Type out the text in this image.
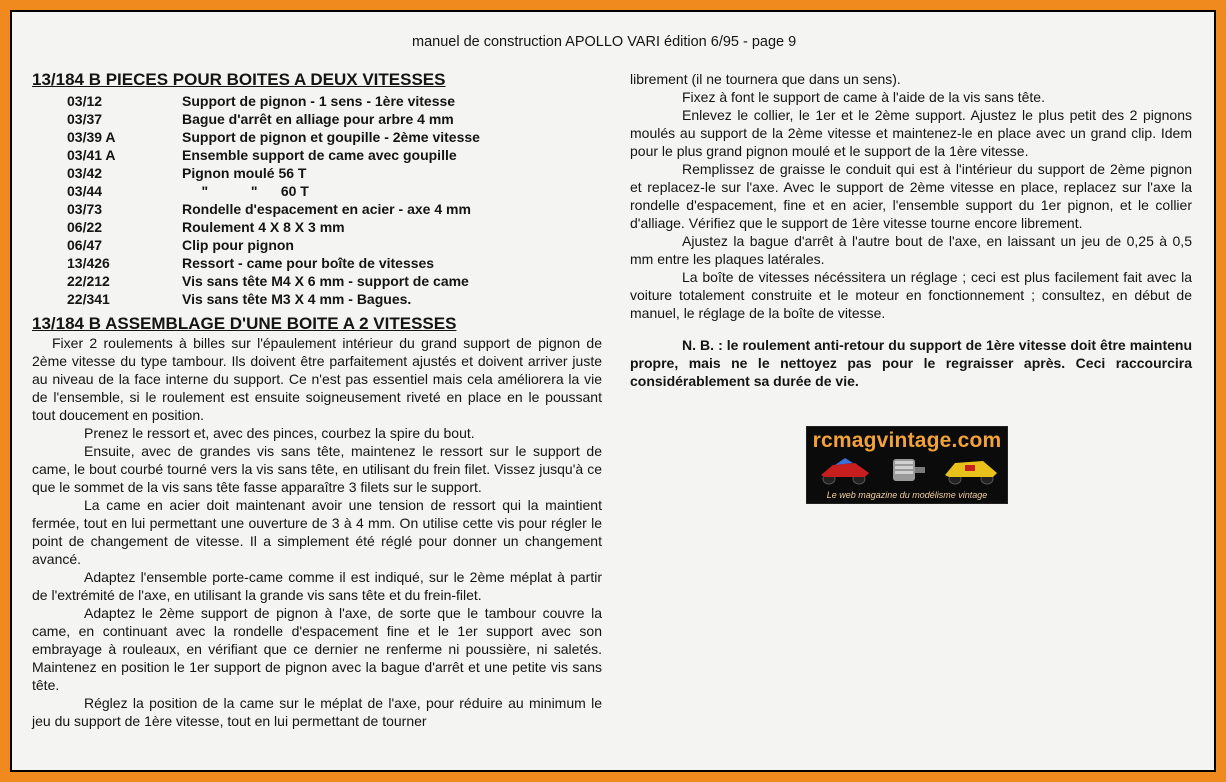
manuel de construction APOLLO VARI édition 6/95 - page 9
13/184 B PIECES POUR BOITES A DEUX VITESSES
03/12	Support de pignon - 1 sens - 1ère vitesse
03/37	Bague d'arrêt en alliage pour arbre 4 mm
03/39 A	Support de pignon et goupille - 2ème vitesse
03/41 A	Ensemble support de came avec goupille
03/42	Pignon moulé 56 T
03/44	"           "      60 T
03/73	Rondelle d'espacement en acier - axe 4 mm
06/22	Roulement 4 X 8 X 3 mm
06/47	Clip pour pignon
13/426	Ressort - came pour boîte de vitesses
22/212	Vis sans tête M4 X 6 mm - support de came
22/341	Vis sans tête M3 X 4 mm - Bagues.
13/184 B ASSEMBLAGE D'UNE BOITE A 2 VITESSES

Fixer 2 roulements à billes sur l'épaulement intérieur du grand support de pignon de 2ème vitesse du type tambour. Ils doivent être parfaitement ajustés et doivent arriver juste au niveau de la face interne du support. Ce n'est pas essentiel mais cela améliorera la vie de l'ensemble, si le roulement est ensuite soigneusement riveté en place en le poussant tout doucement en position.

Prenez le ressort et, avec des pinces, courbez la spire du bout.

Ensuite, avec de grandes vis sans tête, maintenez le ressort sur le support de came, le bout courbé tourné vers la vis sans tête, en utilisant du frein filet. Vissez jusqu'à ce que le sommet de la vis sans tête fasse apparaître 3 filets sur le support.

La came en acier doit maintenant avoir une tension de ressort qui la maintient fermée, tout en lui permettant une ouverture de 3 à 4 mm. On utilise cette vis pour régler le point de changement de vitesse. Il a simplement été réglé pour donner un changement avancé.

Adaptez l'ensemble porte-came comme il est indiqué, sur le 2ème méplat à partir de l'extrémité de l'axe, en utilisant la grande vis sans tête et du frein-filet.

Adaptez le 2ème support de pignon à l'axe, de sorte que le tambour couvre la came, en continuant avec la rondelle d'espacement fine et le 1er support avec son embrayage à rouleaux, en vérifiant que ce dernier ne renferme ni poussière, ni saletés. Maintenez en position le 1er support de pignon avec la bague d'arrêt et une petite vis sans tête.

Réglez la position de la came sur le méplat de l'axe, pour réduire au minimum le jeu du support de 1ère vitesse, tout en lui permettant de tourner

librement (il ne tournera que dans un sens).

Fixez à font le support de came à l'aide de la vis sans tête.

Enlevez le collier, le 1er et le 2ème support. Ajustez le plus petit des 2 pignons moulés au support de la 2ème vitesse et maintenez-le en place avec un grand clip. Idem pour le plus grand pignon moulé et le support de la 1ère vitesse.

Remplissez de graisse le conduit qui est à l'intérieur du support de 2ème pignon et replacez-le sur l'axe. Avec le support de 2ème vitesse en place, replacez sur l'axe la rondelle d'espacement, fine et en acier, l'ensemble support du 1er pignon, et le collier d'alliage. Vérifiez que le support de 1ère vitesse tourne encore librement.

Ajustez la bague d'arrêt à l'autre bout de l'axe, en laissant un jeu de 0,25 à 0,5 mm entre les plaques latérales.

La boîte de vitesses nécéssitera un réglage ; ceci est plus facilement fait avec la voiture totalement construite et le moteur en fonctionnement ; consultez, en début de manuel, le réglage de la boîte de vitesse.

N. B. : le roulement anti-retour du support de 1ère vitesse doit être maintenu propre, mais ne le nettoyez pas pour le regraisser après. Ceci raccourcira considérablement sa durée de vie.

rcmagvintage.com
Le web magazine du modélisme vintage
